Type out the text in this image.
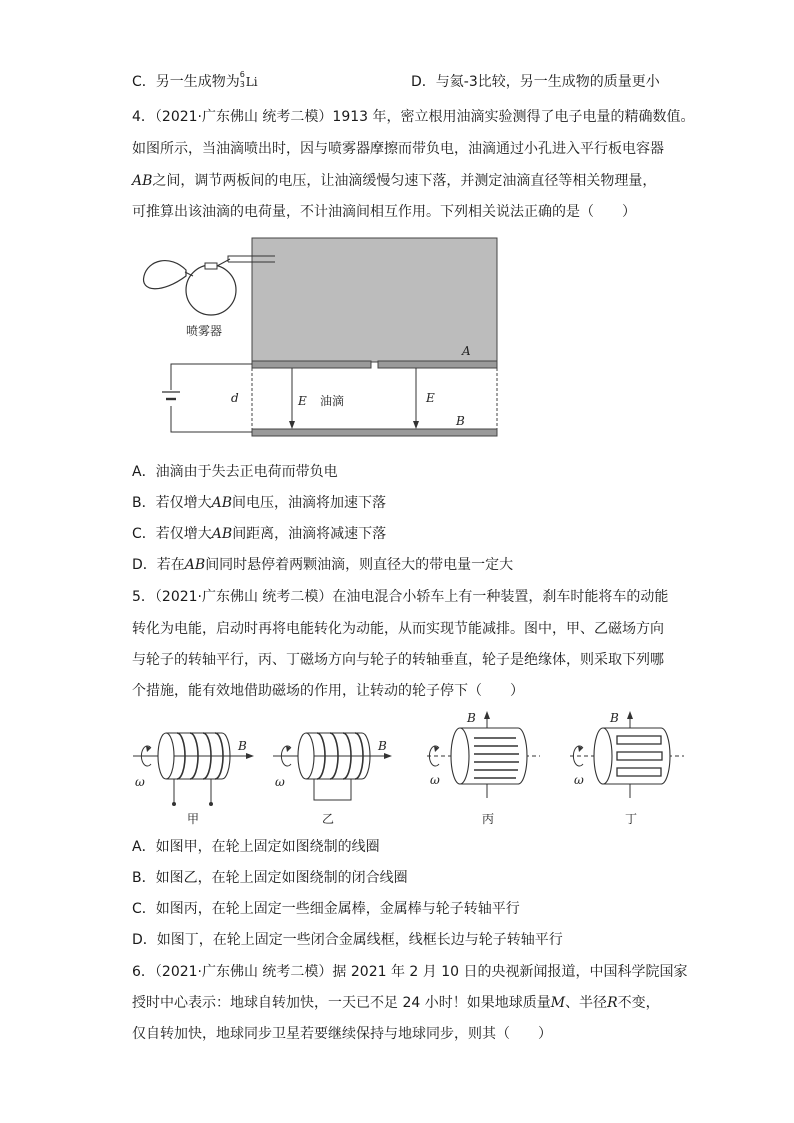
C．另一生成物为 6
3 Li	D．与氦-3比较，另一生成物的质量更小
4．（2021·广东佛山 统考二模）1913 年，密立根用油滴实验测得了电子电量的精确数值。
如图所示，当油滴喷出时，因与喷雾器摩擦而带负电，油滴通过小孔进入平行板电容器
AB之间，调节两板间的电压，让油滴缓慢匀速下落，并测定油滴直径等相关物理量，
可推算出该油滴的电荷量，不计油滴间相互作用。下列相关说法正确的是（　　）
喷雾器
A
B
E 油滴	E
d
A．油滴由于失去正电荷而带负电
B．若仅增大AB间电压，油滴将加速下落
C．若仅增大AB间距离，油滴将减速下落
D．若在AB间同时悬停着两颗油滴，则直径大的带电量一定大
5．（2021·广东佛山 统考二模）在油电混合小轿车上有一种装置，刹车时能将车的动能
转化为电能，启动时再将电能转化为动能，从而实现节能减排。图中，甲、乙磁场方向
与轮子的转轴平行，丙、丁磁场方向与轮子的转轴垂直，轮子是绝缘体，则采取下列哪
个措施，能有效地借助磁场的作用，让转动的轮子停下（　　）
B
ω
甲
B
ω
乙
B
ω
丙
B
ω
丁
A．如图甲，在轮上固定如图绕制的线圈
B．如图乙，在轮上固定如图绕制的闭合线圈
C．如图丙，在轮上固定一些细金属棒，金属棒与轮子转轴平行
D．如图丁，在轮上固定一些闭合金属线框，线框长边与轮子转轴平行
6．（2021·广东佛山 统考二模）据 2021 年 2 月 10 日的央视新闻报道，中国科学院国家
授时中心表示：地球自转加快，一天已不足 24 小时！如果地球质量M、半径R不变，
仅自转加快，地球同步卫星若要继续保持与地球同步，则其（　　）
